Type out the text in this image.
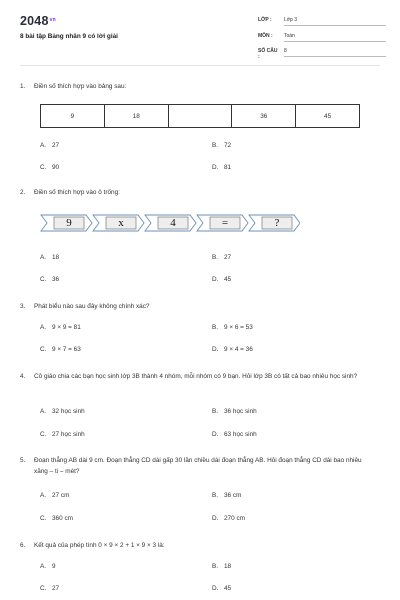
$2048^{vn}$
8 bài tập Bảng nhân 9 có lời giải
LỚP :	Lớp 3
MÔN :	Toán
SỐ CÂU :
8
1.	Điền số thích hợp vào bảng sau:
9	18		36	45
A. 27	B. 72
C. 90	D. 81
2.	Điền số thích hợp vào ô trống:
9	x	4	=	?
A. 18	B. 27
C. 36	D. 45
3.	Phát biểu nào sau đây không chính xác?
A. 9 × 9 = 81	B. 9 × 6 = 53
C. 9 × 7 = 63	D. 9 × 4 = 36
4.	Cô giáo chia các bạn học sinh lớp 3B thành 4 nhóm, mỗi nhóm có 9 bạn. Hỏi lớp 3B có tất cả bao nhiêu học sinh?
A. 32 học sinh	B. 36 học sinh
C. 27 học sinh	D. 63 học sinh
5.	Đoạn thẳng AB dài 9 cm. Đoạn thẳng CD dài gấp 30 lần chiều dài đoạn thẳng AB. Hỏi đoạn thẳng CD dài bao nhiêu xăng – ti – mét?
A. 27 cm	B. 36 cm
C. 360 cm	D. 270 cm
6.	Kết quả của phép tính 0 × 9 × 2 + 1 × 9 × 3 là:
A. 9	B. 18
C. 27	D. 45
